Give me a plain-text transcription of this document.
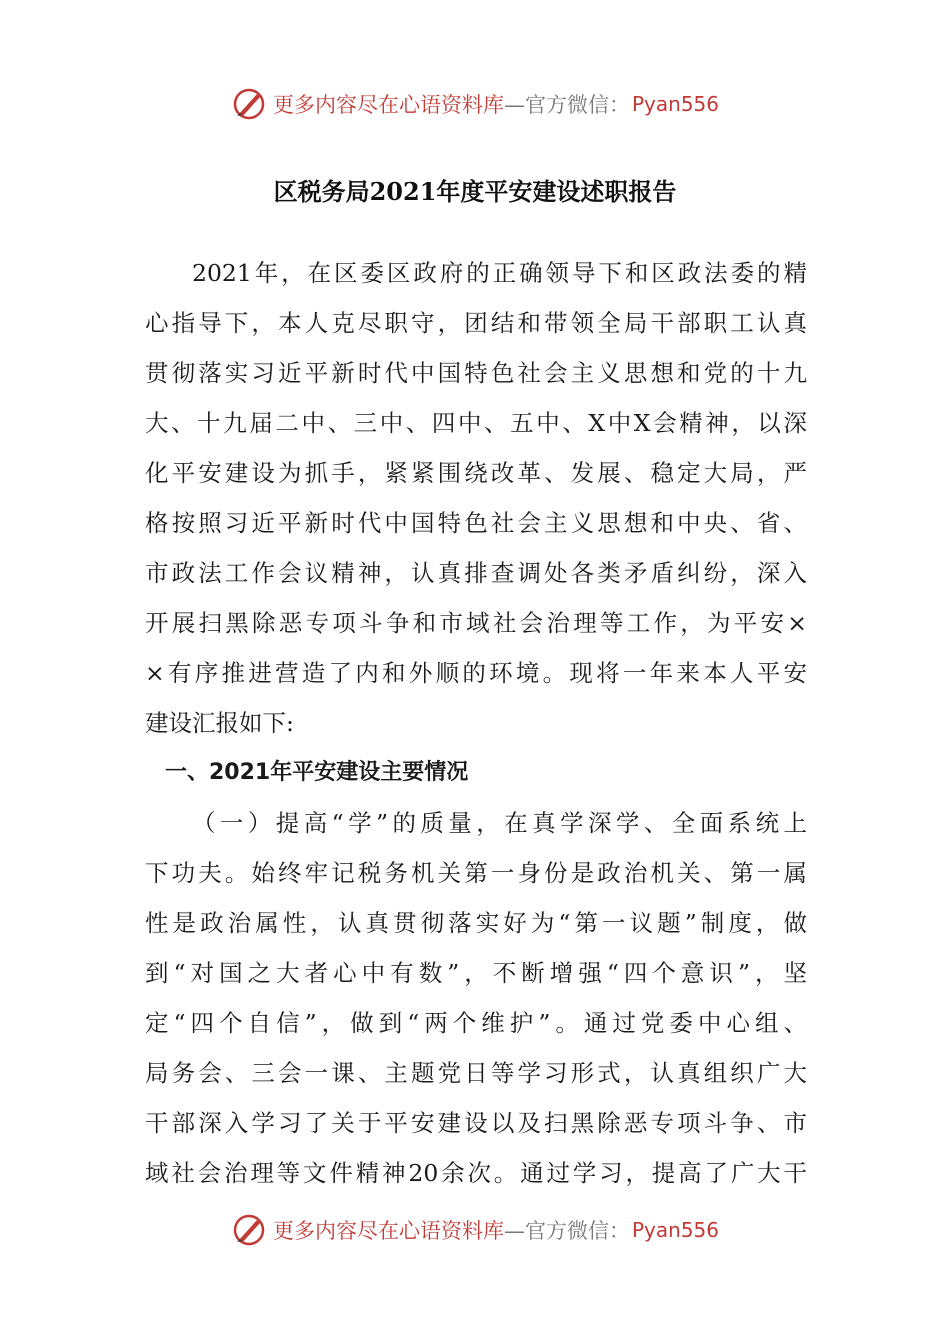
更多内容尽在心语资料库 —官方微信： Pyan556
区税务局2021年度平安建设述职报告
2021年，在区委区政府的正确领导下和区政法委的精
心指导下，本人克尽职守，团结和带领全局干部职工认真
贯彻落实习近平新时代中国特色社会主义思想和党的十九
大、十九届二中、三中、四中、五中、X中X会精神，以深
化平安建设为抓手，紧紧围绕改革、发展、稳定大局，严
格按照习近平新时代中国特色社会主义思想和中央、省、
市政法工作会议精神，认真排查调处各类矛盾纠纷，深入
开展扫黑除恶专项斗争和市域社会治理等工作，为平安×
×有序推进营造了内和外顺的环境。现将一年来本人平安
建设汇报如下:
一、2021年平安建设主要情况
（一）提高“学”的质量，在真学深学、全面系统上
下功夫。始终牢记税务机关第一身份是政治机关、第一属
性是政治属性，认真贯彻落实好为“第一议题”制度，做
到“对国之大者心中有数”，不断增强“四个意识”，坚
定“四个自信”，做到“两个维护”。通过党委中心组、
局务会、三会一课、主题党日等学习形式，认真组织广大
干部深入学习了关于平安建设以及扫黑除恶专项斗争、市
域社会治理等文件精神20余次。通过学习，提高了广大干
更多内容尽在心语资料库 —官方微信： Pyan556
